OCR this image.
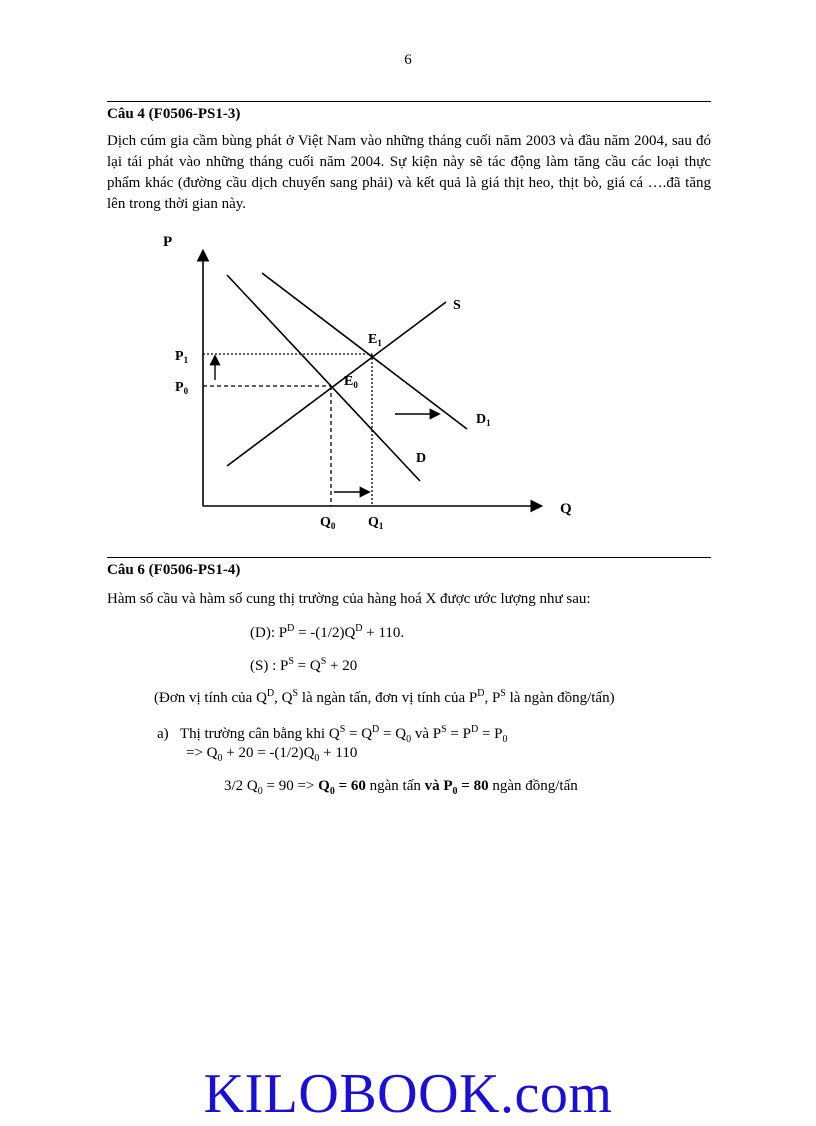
6
Câu 4 (F0506-PS1-3)
Dịch cúm gia cầm bùng phát ở Việt Nam vào những tháng cuối năm 2003 và đầu năm 2004, sau đó lại tái phát vào những tháng cuối năm 2004. Sự kiện này sẽ tác động làm tăng cầu các loại thực phẩm khác (đường cầu dịch chuyển sang phải) và kết quả là giá thịt heo, thịt bò, giá cá ….đã tăng lên trong thời gian này.
P
Q
S
D
$D_1$
$E_1$
$E_0$
$P_1$
$P_0$
$Q_0$ $Q_1$
Câu 6 (F0506-PS1-4)
Hàm số cầu và hàm số cung thị trường của hàng hoá X được ước lượng như sau:
(D): $P^D = -(1/2)Q^D + 110$.
(S) : $P^S = Q^S + 20$
(Đơn vị tính của $Q^D$, $Q^S$ là ngàn tấn, đơn vị tính của $P^D$, $P^S$ là ngàn đồng/tấn)
a) Thị trường cân bằng khi $Q^S = Q^D = Q_0$ và $P^S = P^D = P_0$
=> $Q_0 + 20 = -(1/2)Q_0 + 110$
3/2 $Q_0 = 90 => Q_0 = 60$ ngàn tấn và $P_0 = 80$ ngàn đồng/tấn
KILOBOOK.com
